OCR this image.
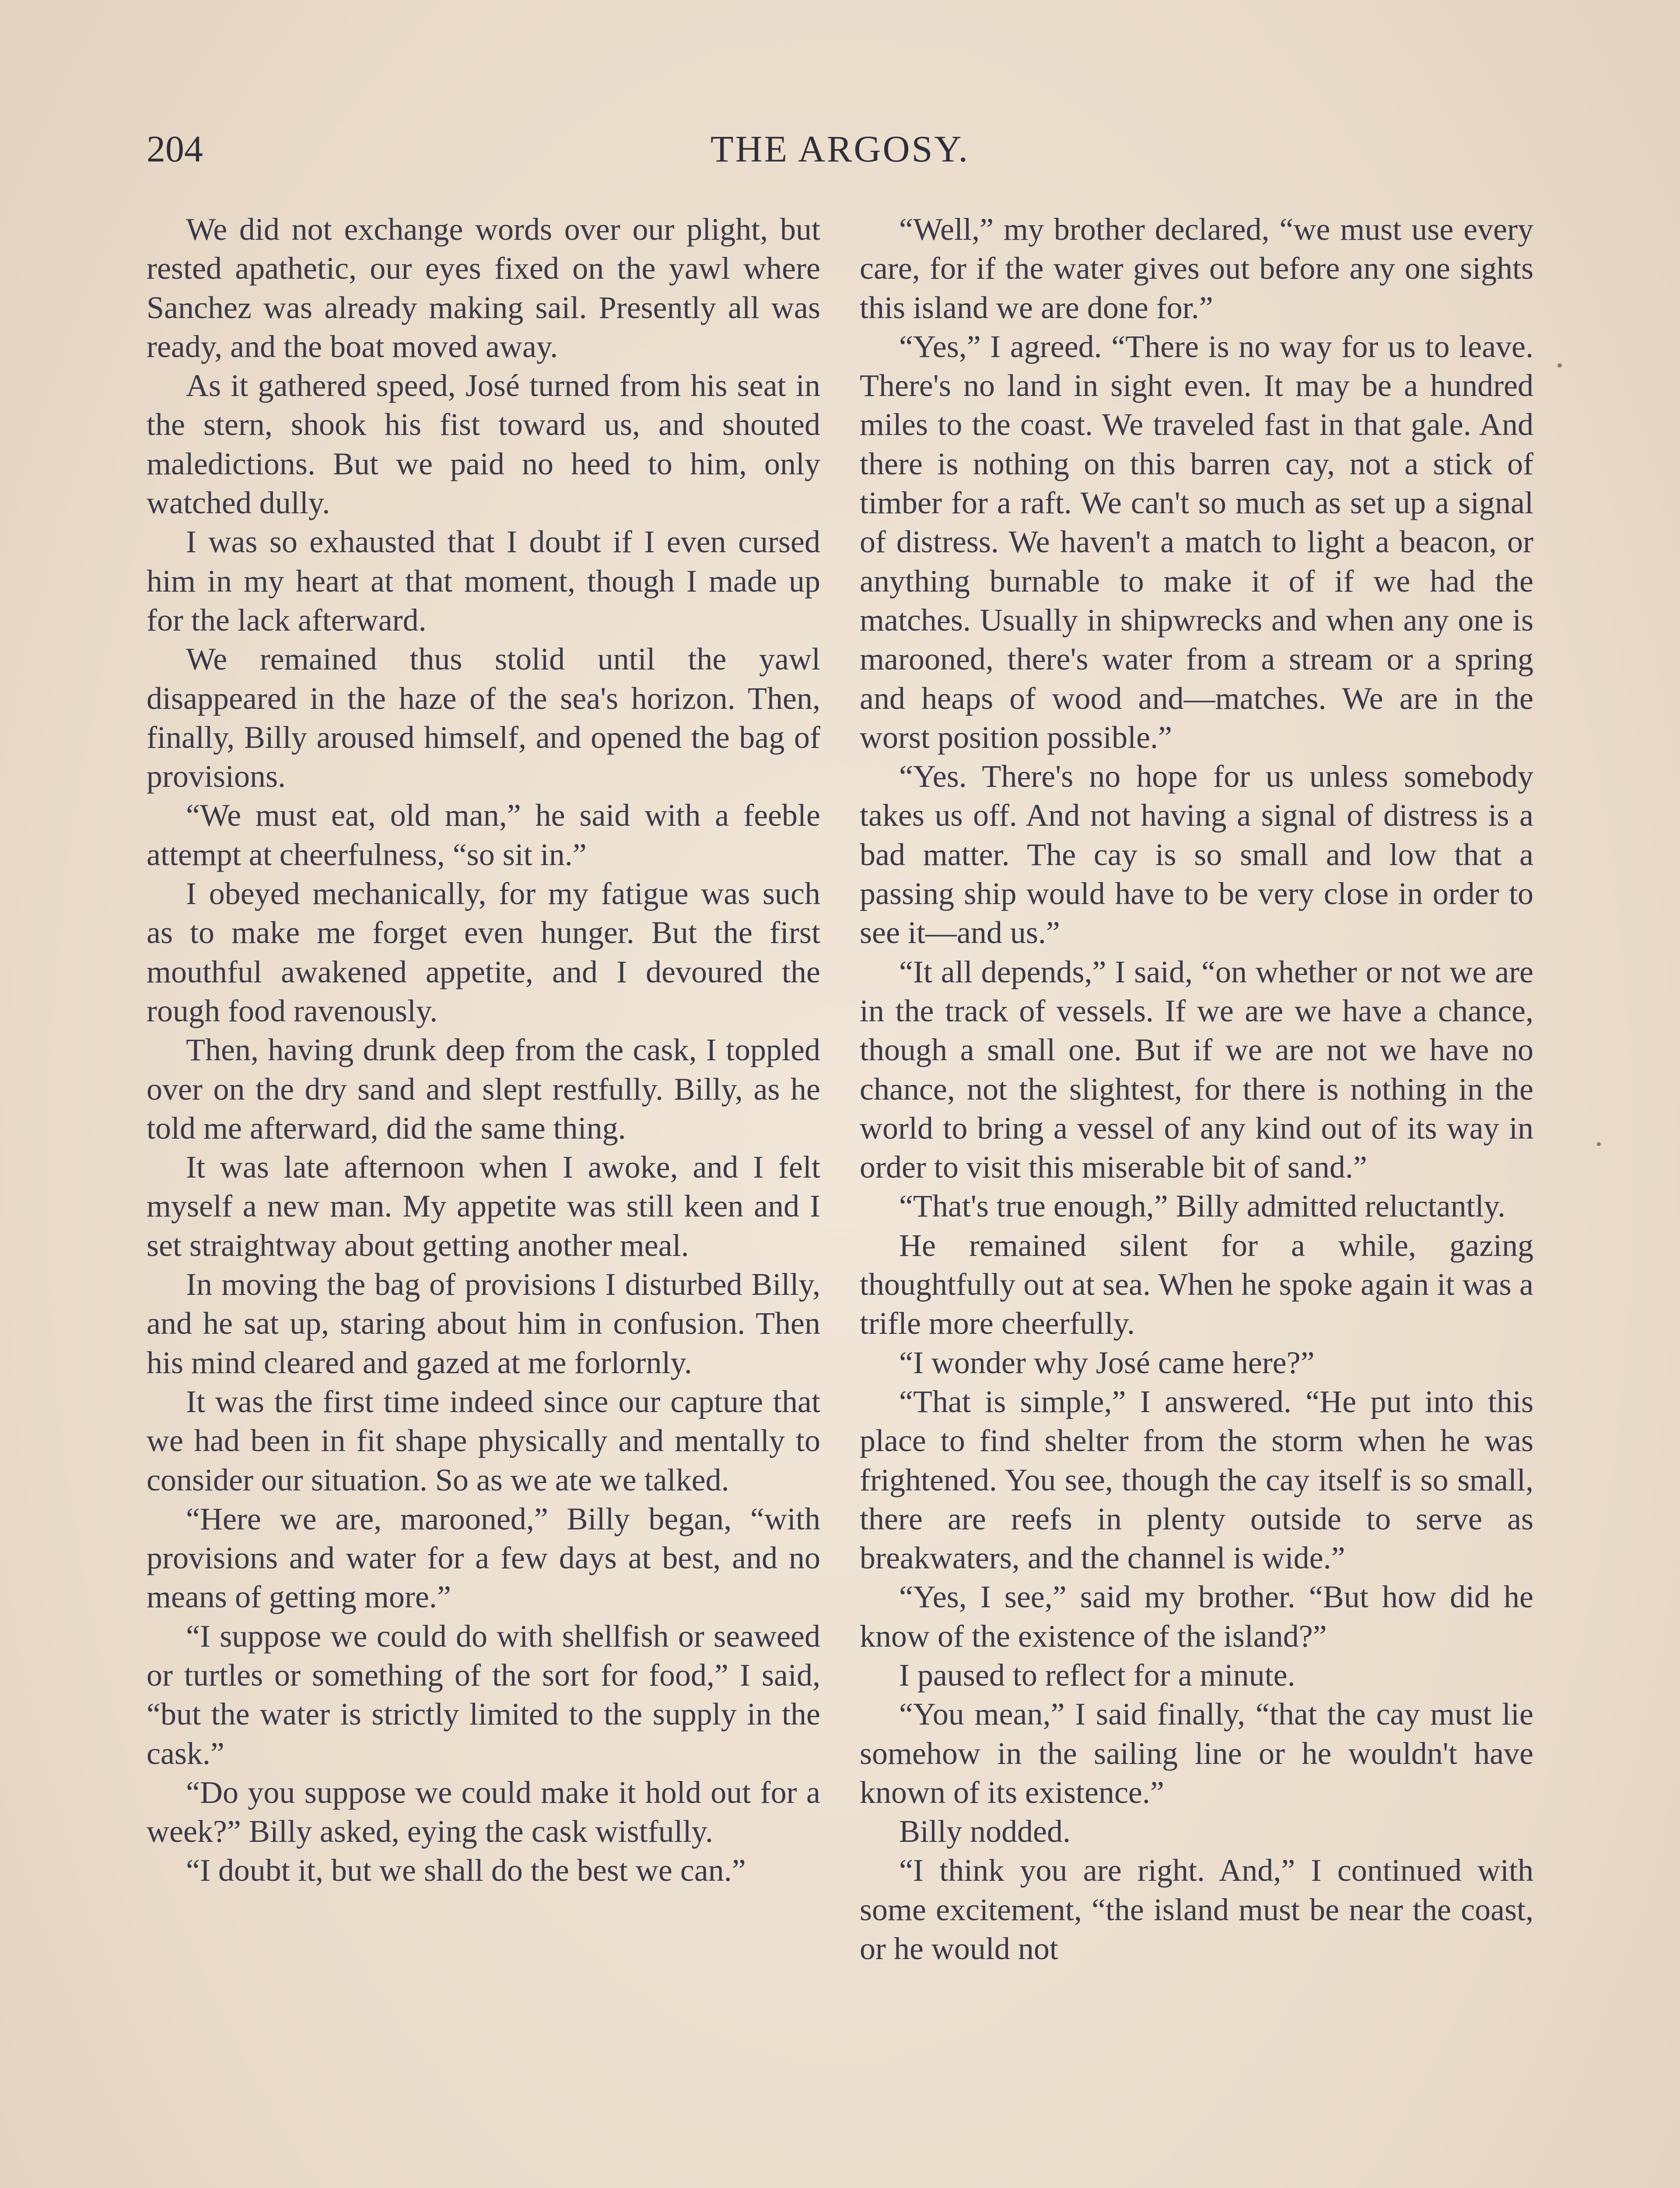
204	THE ARGOSY.

We did not exchange words over our plight, but rested apathetic, our eyes fixed on the yawl where Sanchez was already making sail. Presently all was ready, and the boat moved away.

As it gathered speed, José turned from his seat in the stern, shook his fist toward us, and shouted maledictions. But we paid no heed to him, only watched dully.

I was so exhausted that I doubt if I even cursed him in my heart at that moment, though I made up for the lack afterward.

We remained thus stolid until the yawl disappeared in the haze of the sea's horizon. Then, finally, Billy aroused himself, and opened the bag of provisions.

“We must eat, old man,” he said with a feeble attempt at cheerfulness, “so sit in.”

I obeyed mechanically, for my fatigue was such as to make me forget even hunger. But the first mouthful awakened appetite, and I devoured the rough food ravenously.

Then, having drunk deep from the cask, I toppled over on the dry sand and slept restfully. Billy, as he told me afterward, did the same thing.

It was late afternoon when I awoke, and I felt myself a new man. My appetite was still keen and I set straightway about getting another meal.

In moving the bag of provisions I disturbed Billy, and he sat up, staring about him in confusion. Then his mind cleared and gazed at me forlornly.

It was the first time indeed since our capture that we had been in fit shape physically and mentally to consider our situation. So as we ate we talked.

“Here we are, marooned,” Billy began, “with provisions and water for a few days at best, and no means of getting more.”

“I suppose we could do with shellfish or seaweed or turtles or something of the sort for food,” I said, “but the water is strictly limited to the supply in the cask.”

“Do you suppose we could make it hold out for a week?” Billy asked, eying the cask wistfully.

“I doubt it, but we shall do the best we can.”

“Well,” my brother declared, “we must use every care, for if the water gives out before any one sights this island we are done for.”

“Yes,” I agreed. “There is no way for us to leave. There's no land in sight even. It may be a hundred miles to the coast. We traveled fast in that gale. And there is nothing on this barren cay, not a stick of timber for a raft. We can't so much as set up a signal of distress. We haven't a match to light a beacon, or anything burnable to make it of if we had the matches. Usually in shipwrecks and when any one is marooned, there's water from a stream or a spring and heaps of wood and—matches. We are in the worst position possible.”

“Yes. There's no hope for us unless somebody takes us off. And not having a signal of distress is a bad matter. The cay is so small and low that a passing ship would have to be very close in order to see it—and us.”

“It all depends,” I said, “on whether or not we are in the track of vessels. If we are we have a chance, though a small one. But if we are not we have no chance, not the slightest, for there is nothing in the world to bring a vessel of any kind out of its way in order to visit this miserable bit of sand.”

“That's true enough,” Billy admitted reluctantly.

He remained silent for a while, gazing thoughtfully out at sea. When he spoke again it was a trifle more cheerfully.

“I wonder why José came here?”

“That is simple,” I answered. “He put into this place to find shelter from the storm when he was frightened. You see, though the cay itself is so small, there are reefs in plenty outside to serve as breakwaters, and the channel is wide.”

“Yes, I see,” said my brother. “But how did he know of the existence of the island?”

I paused to reflect for a minute.

“You mean,” I said finally, “that the cay must lie somehow in the sailing line or he wouldn't have known of its existence.”

Billy nodded.

“I think you are right. And,” I continued with some excitement, “the island must be near the coast, or he would not
